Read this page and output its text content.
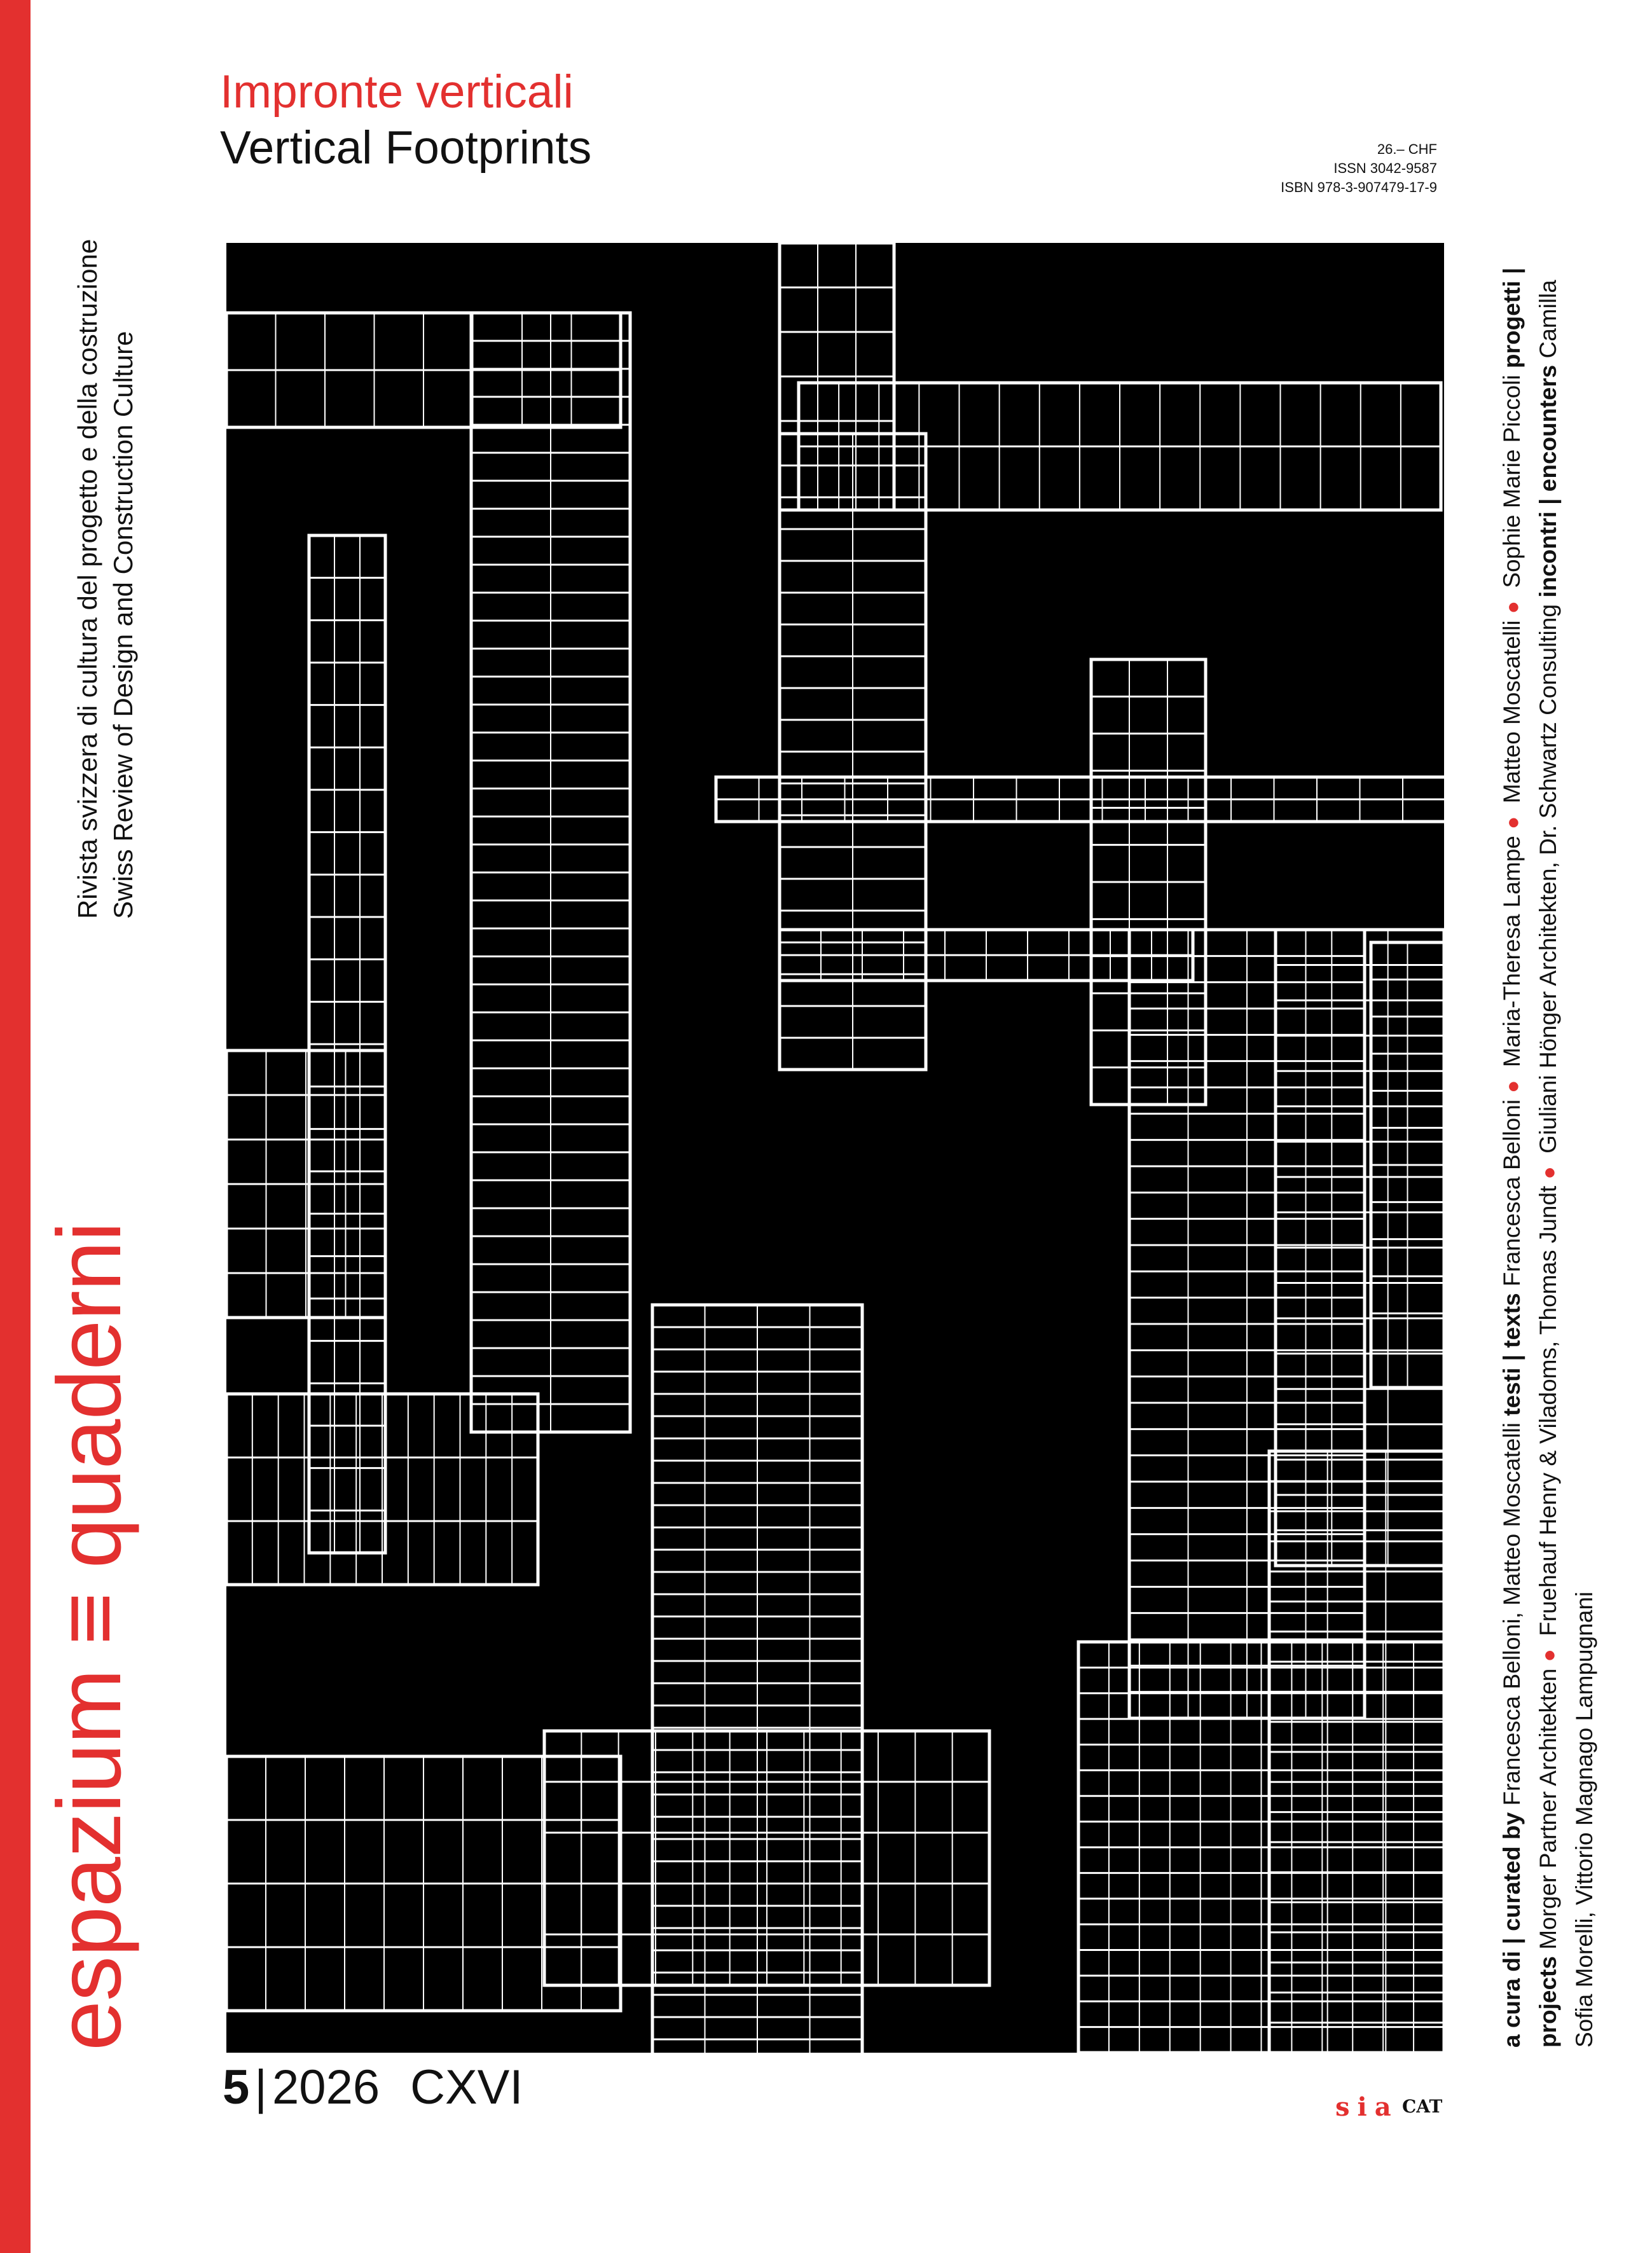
Impronte verticali
Vertical Footprints	26.– CHF
ISSN 3042-9587
ISBN 978-3-907479-17-9
Rivista svizzera di cultura del progetto e della costruzione Swiss Review of Design and Construction Culture
espazium ≡ quaderni	a cura di | curated by Francesca Belloni, Matteo Moscatelli testi | texts Francesca Belloni● Maria-Theresa Lampe● Matteo Moscatelli● Sophie Marie Piccoli progetti | projects Morger Partner Architekten● Fruehauf Henry & Viladoms, Thomas Jundt● Giuliani Hönger Architekten, Dr. Schwartz Consulting incontri | encounters Camilla Sofia Morelli, Vittorio Magnago Lampugnani
5 | 2026 CXVI	sia CAT
